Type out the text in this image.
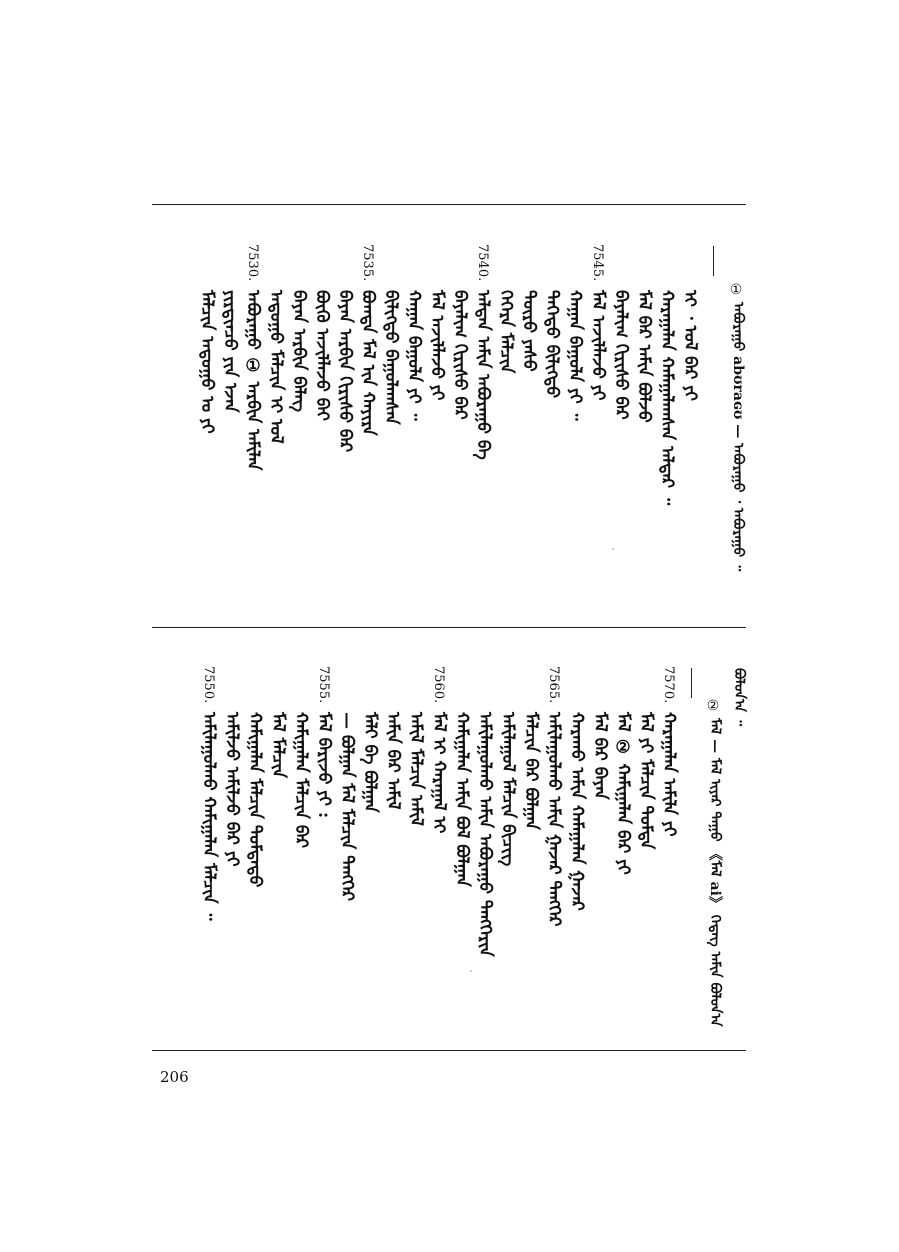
①
ᠠᠪᠤᠷᠠᠭᠤ abʊraɢʊ — ᠠᠪᠤᠷᠠᠭᠤ ᠂ ᠠᠪᠤᠷᠠᠭᠤ ᠃
ᠢ ᠂ ᠣᠯ ᠪᠡᠷ ᠶᠢ
ᠬᠠᠷᠠᠭᠠᠯᠠᠨ ᠬᠠᠮᠠᠭᠠᠯᠠᠭᠰᠠᠨ ᠠᠯᠳᠠᠷ ᠃
ᠮᠠᠯ ᠪᠠᠷ ᠠᠮᠢᠨ ᠪᠣᠯᠵᠤ
ᠪᠠᠶᠠᠯᠢᠭ ᠬᠢᠷᠢᠰᠤ ᠪᠡᠷ
7545.
ᠮᠠᠯ ᠠᠵᠢᠯᠯᠠᠵᠤ ᠶᠢ
ᠬᠠᠭᠠᠨ ᠪᠠᠭᠤᠯᠠ ᠶᠢ ᠃
ᠳᠡᠭᠡᠳᠦ ᠪᠢᠯᠢᠭᠲᠦ
ᠲᠦᠷᠦ ᠶᠠᠰᠤ
ᠬᠡᠭᠡᠷᠡ ᠮᠠᠯᠴᠢᠨ
7540.
ᠠᠯᠲᠠᠨ ᠠᠮᠢᠨ ᠠᠪᠤᠷᠠᠭᠤ ᠪᠠ
ᠪᠠᠶᠠᠯᠢᠭ ᠬᠢᠷᠢᠰᠤ ᠪᠡᠷ
ᠮᠠᠯ ᠠᠵᠢᠯᠯᠠᠵᠤ ᠶᠢ
ᠬᠠᠭᠠᠨ ᠪᠠᠭᠤᠯᠠ ᠶᠢ ᠃
ᠪᠢᠯᠢᠭᠲᠦ ᠪᠠᠭᠤᠯᠠᠭᠰᠠᠨ
7535.
ᠪᠣᠭᠳᠠ ᠮᠠᠯ ᠢᠨ ᠬᠠᠶᠢᠷᠠ
ᠪᠠᠶᠠᠨ ᠠᠷᠪᠢᠨ ᠬᠢᠷᠢᠰᠤ ᠪᠡᠷ
ᠪᠦᠬᠦ ᠠᠵᠢᠯᠯᠠᠵᠤ ᠪᠠᠢ
ᠪᠠᠶᠠᠨ ᠠᠷᠪᠢᠨ ᠪᠡᠯᠡᠭ
ᠠᠳᠤᠭᠤ ᠮᠠᠯᠴᠢᠨ ᠢ ᠣᠯ
7530.
ᠠᠪᠤᠷᠠᠭᠤ ① ᠠᠷᠪᠢᠨ ᠠᠮᠢᠯᠠᠨ
ᠶᠢᠷᠲᠢᠨᠴᠦ ᠶᠢᠨ ᠡᠵᠡᠨ
ᠮᠠᠯᠴᠢᠨ ᠠᠳᠤᠭᠤ ᠣ ᠶᠢ
ᠪᠣᠯᠤᠨ᠎ᠠ ᠃
②
ᠮᠠᠯ — ᠮᠠᠯ ᠢᠶᠠᠷ ᠳᠠᠭᠤ 《ᠮᠠᠯ ai》 ᠭᠡᠳᠡᠭ ᠠᠮᠢᠨ ᠪᠣᠯᠤᠨ᠎ᠠ
7570.
ᠬᠠᠷᠠᠭᠠᠯᠠᠨ ᠠᠮᠢᠯᠠ ᠶᠢ
ᠮᠠᠯ ᠶᠢ ᠮᠠᠯᠴᠢᠨ ᠳᠤᠮᠳᠠ
ᠮᠠᠯ ② ᠬᠠᠮᠢᠭᠠᠯᠠᠨ ᠪᠡᠷ ᠶᠢ
ᠮᠠᠯ ᠪᠠᠷ ᠪᠠᠶᠠᠨ
ᠬᠠᠷᠠᠬᠤ ᠠᠮᠢᠨ ᠬᠠᠮᠠᠭᠠᠯᠠᠨ ᠭᠠᠵᠠᠷ
7565.
ᠠᠮᠢᠯᠠᠭᠤᠯᠬᠤ ᠠᠮᠢᠨ ᠭᠠᠵᠠᠷ ᠲᠡᠩᠭᠡᠷ
ᠮᠠᠯᠴᠢᠨ ᠪᠠᠷ ᠪᠣᠯᠭᠠᠨ
ᠠᠮᠢᠯᠠᠭᠤᠯ ᠮᠠᠯᠴᠢᠨ ᠪᠢᠴᠢᠭ
ᠠᠮᠢᠯᠠᠭᠤᠯᠬᠤ ᠠᠮᠢᠨ ᠠᠪᠤᠷᠠᠭᠤ ᠲᠡᠩᠭᠡᠷᠢᠨ
ᠬᠠᠮᠢᠭᠠᠯᠠᠨ ᠠᠮᠢᠨ ᠪᠣᠯ ᠪᠣᠯᠭᠠᠨ
7560.
ᠮᠠᠯ ᠢ ᠬᠠᠷᠠᠭᠠᠯ ᠢ
ᠠᠮᠢᠯ ᠮᠠᠯᠴᠢᠨ ᠠᠮᠢᠯ
ᠠᠮᠢᠨ ᠪᠠᠷ ᠠᠮᠢᠯ
ᠮᠠᠯᠢ ᠪᠠ ᠪᠣᠯᠭᠠᠨ
— ᠪᠣᠯᠭᠠᠨ ᠮᠠᠯ ᠮᠠᠯᠴᠢᠨ ᠲᠡᠩᠭᠡᠷ
7555.
ᠮᠠᠯ ᠪᠠᠷᠢᠵᠤ ᠶᠢ :
ᠬᠠᠮᠢᠭᠠᠯᠠᠨ ᠮᠠᠯᠴᠢᠨ ᠪᠡᠷ
ᠮᠠᠯ ᠮᠠᠯᠴᠢᠨ
ᠬᠠᠮᠢᠭᠠᠯᠠᠨ ᠮᠠᠯᠴᠢᠨ ᠳᠤᠮᠳᠠᠳᠤ
ᠠᠮᠢᠯᠵᠤ ᠠᠮᠢᠯᠵᠤ ᠪᠡᠷ ᠶᠢ
7550.
ᠠᠮᠢᠯᠠᠭᠤᠯᠬᠤ ᠬᠠᠮᠢᠭᠠᠯᠠᠨ ᠮᠠᠯᠴᠢᠨ ᠃
206
